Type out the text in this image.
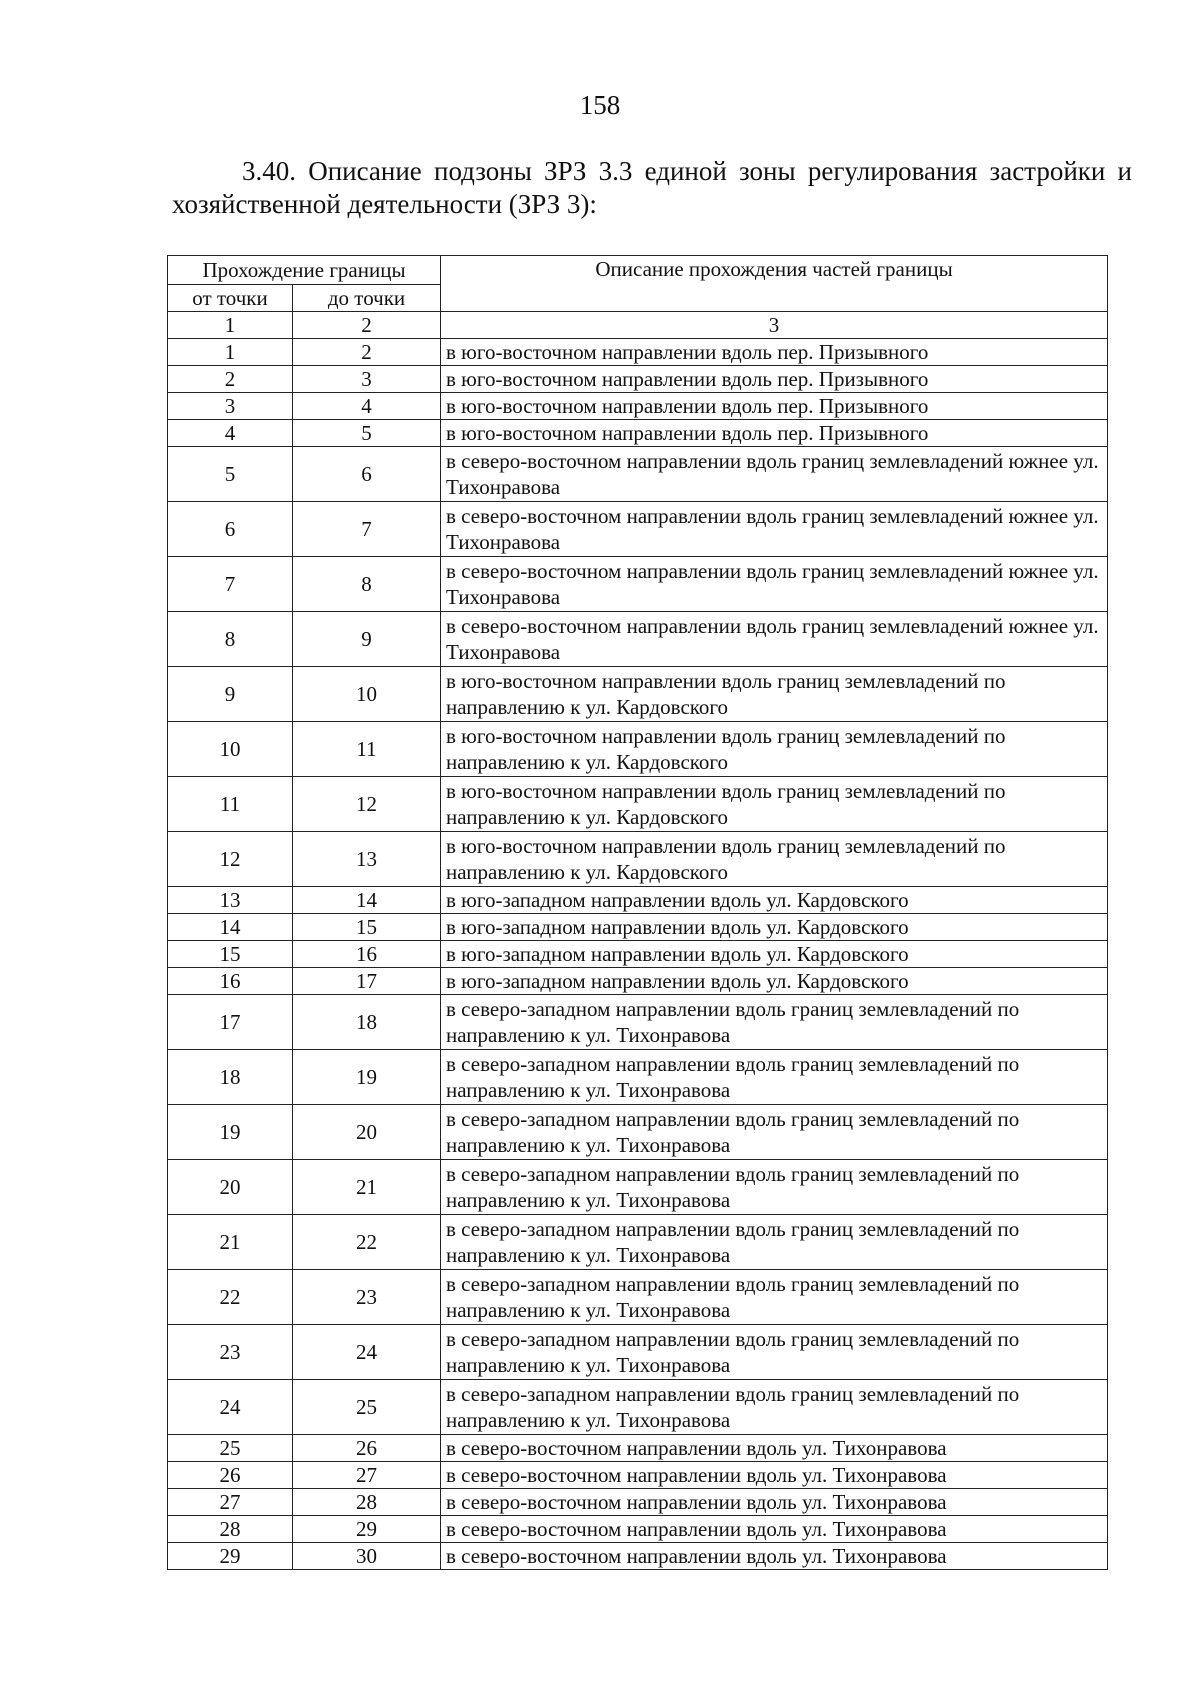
158
3.40. Описание подзоны ЗРЗ 3.3 единой зоны регулирования застройки и хозяйственной деятельности (ЗРЗ 3):
Прохождение границы		Описание прохождения частей границы
от точки	до точки	
1	2	3
1	2	в юго-восточном направлении вдоль пер. Призывного
2	3	в юго-восточном направлении вдоль пер. Призывного
3	4	в юго-восточном направлении вдоль пер. Призывного
4	5	в юго-восточном направлении вдоль пер. Призывного
5	6	в северо-восточном направлении вдоль границ землевладений южнее ул. Тихонравова
6	7	в северо-восточном направлении вдоль границ землевладений южнее ул. Тихонравова
7	8	в северо-восточном направлении вдоль границ землевладений южнее ул. Тихонравова
8	9	в северо-восточном направлении вдоль границ землевладений южнее ул. Тихонравова
9	10	в юго-восточном направлении вдоль границ землевладений по направлению к ул. Кардовского
10	11	в юго-восточном направлении вдоль границ землевладений по направлению к ул. Кардовского
11	12	в юго-восточном направлении вдоль границ землевладений по направлению к ул. Кардовского
12	13	в юго-восточном направлении вдоль границ землевладений по направлению к ул. Кардовского
13	14	в юго-западном направлении вдоль ул. Кардовского
14	15	в юго-западном направлении вдоль ул. Кардовского
15	16	в юго-западном направлении вдоль ул. Кардовского
16	17	в юго-западном направлении вдоль ул. Кардовского
17	18	в северо-западном направлении вдоль границ землевладений по направлению к ул. Тихонравова
18	19	в северо-западном направлении вдоль границ землевладений по направлению к ул. Тихонравова
19	20	в северо-западном направлении вдоль границ землевладений по направлению к ул. Тихонравова
20	21	в северо-западном направлении вдоль границ землевладений по направлению к ул. Тихонравова
21	22	в северо-западном направлении вдоль границ землевладений по направлению к ул. Тихонравова
22	23	в северо-западном направлении вдоль границ землевладений по направлению к ул. Тихонравова
23	24	в северо-западном направлении вдоль границ землевладений по направлению к ул. Тихонравова
24	25	в северо-западном направлении вдоль границ землевладений по направлению к ул. Тихонравова
25	26	в северо-восточном направлении вдоль ул. Тихонравова
26	27	в северо-восточном направлении вдоль ул. Тихонравова
27	28	в северо-восточном направлении вдоль ул. Тихонравова
28	29	в северо-восточном направлении вдоль ул. Тихонравова
29	30	в северо-восточном направлении вдоль ул. Тихонравова
